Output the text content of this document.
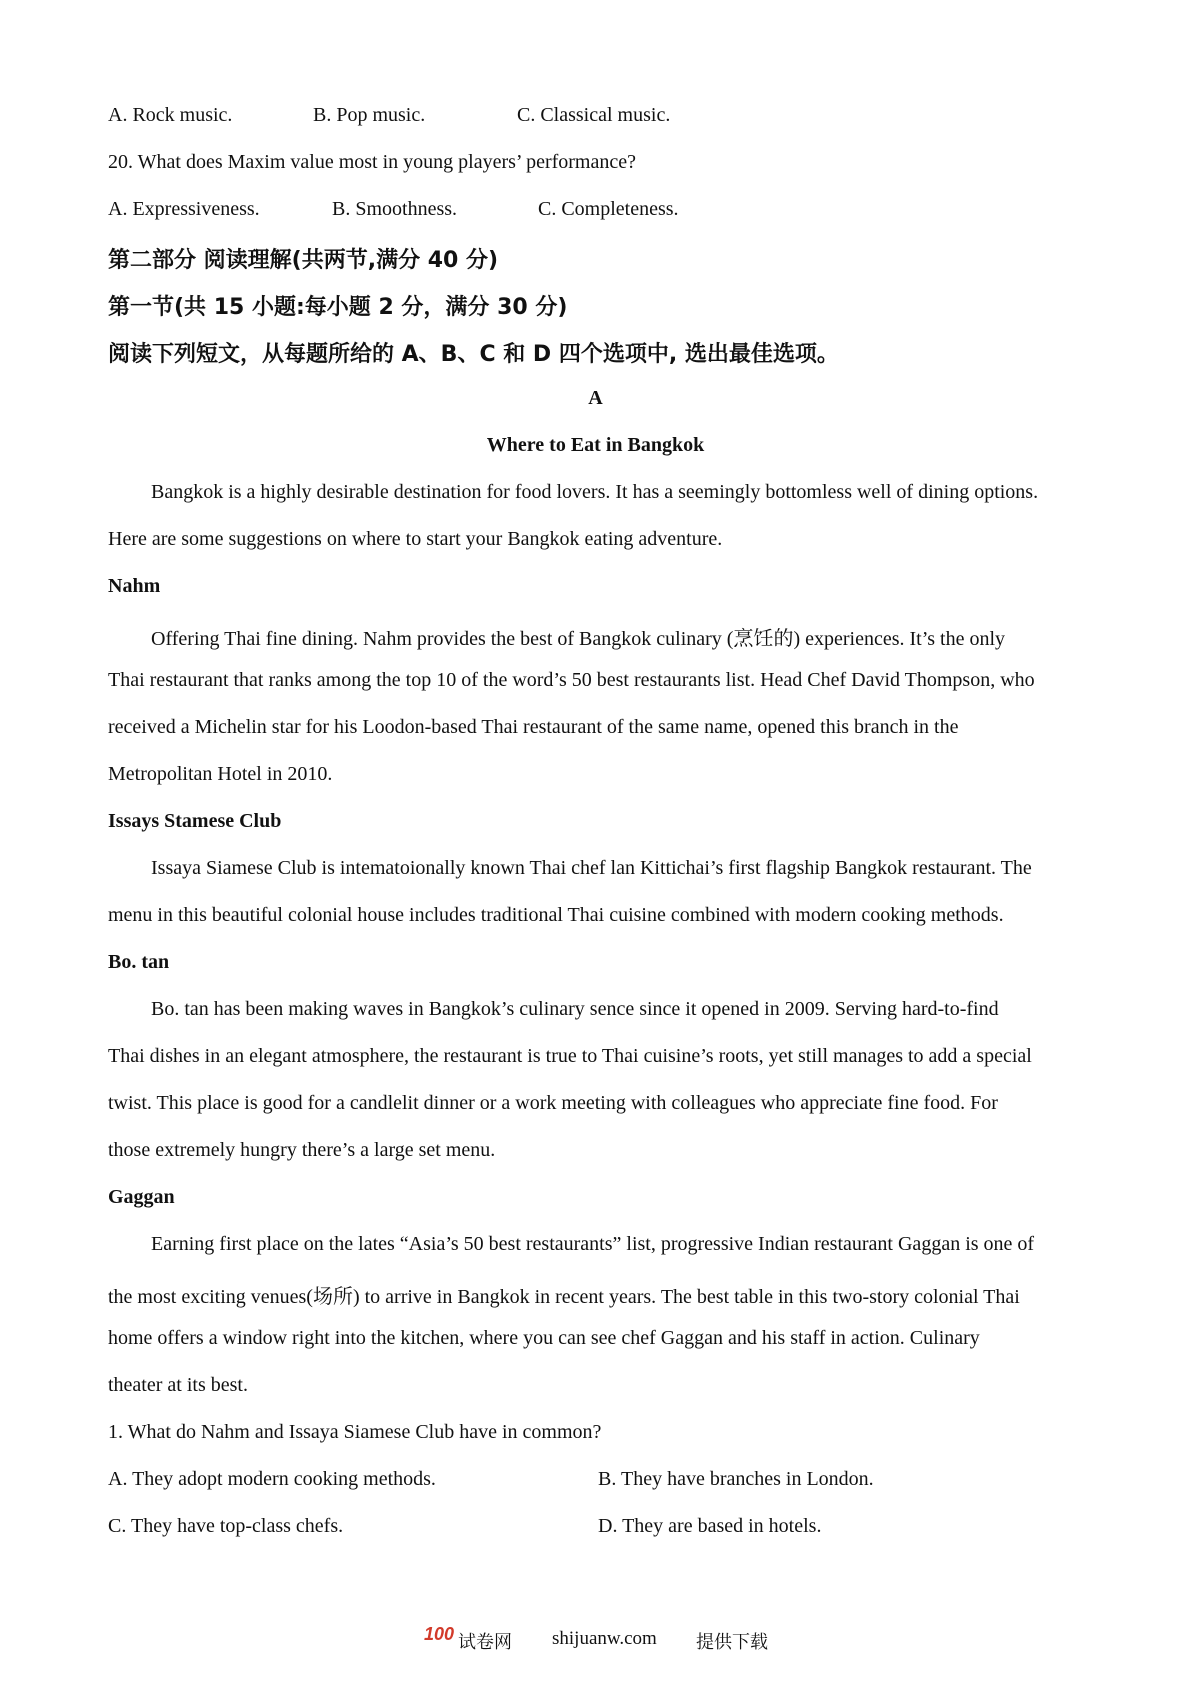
A. Rock music.	B. Pop music.	C. Classical music.
20. What does Maxim value most in young players’ performance?
A. Expressiveness.	B. Smoothness.	C. Completeness.
第二部分 阅读理解(共两节,满分 40 分)
第一节(共 15 小题:每小题 2 分，满分 30 分)
阅读下列短文，从每题所给的 A、B、C 和 D 四个选项中, 选出最佳选项。
A
Where to Eat in Bangkok
Bangkok is a highly desirable destination for food lovers. It has a seemingly bottomless well of dining options.
Here are some suggestions on where to start your Bangkok eating adventure.
Nahm
Offering Thai fine dining. Nahm provides the best of Bangkok culinary (烹饪的) experiences. It’s the only
Thai restaurant that ranks among the top 10 of the word’s 50 best restaurants list. Head Chef David Thompson, who
received a Michelin star for his Loodon-based Thai restaurant of the same name, opened this branch in the
Metropolitan Hotel in 2010.
Issays Stamese Club
Issaya Siamese Club is intematoionally known Thai chef lan Kittichai’s first flagship Bangkok restaurant. The
menu in this beautiful colonial house includes traditional Thai cuisine combined with modern cooking methods.
Bo. tan
Bo. tan has been making waves in Bangkok’s culinary sence since it opened in 2009. Serving hard-to-find
Thai dishes in an elegant atmosphere, the restaurant is true to Thai cuisine’s roots, yet still manages to add a special
twist. This place is good for a candlelit dinner or a work meeting with colleagues who appreciate fine food. For
those extremely hungry there’s a large set menu.
Gaggan
Earning first place on the lates “Asia’s 50 best restaurants” list, progressive Indian restaurant Gaggan is one of
the most exciting venues(场所) to arrive in Bangkok in recent years. The best table in this two-story colonial Thai
home offers a window right into the kitchen, where you can see chef Gaggan and his staff in action. Culinary
theater at its best.
1. What do Nahm and Issaya Siamese Club have in common?
A. They adopt modern cooking methods.	B. They have branches in London.
C. They have top-class chefs.	D. They are based in hotels.
100 试卷网 shijuanw.com 提供下载
